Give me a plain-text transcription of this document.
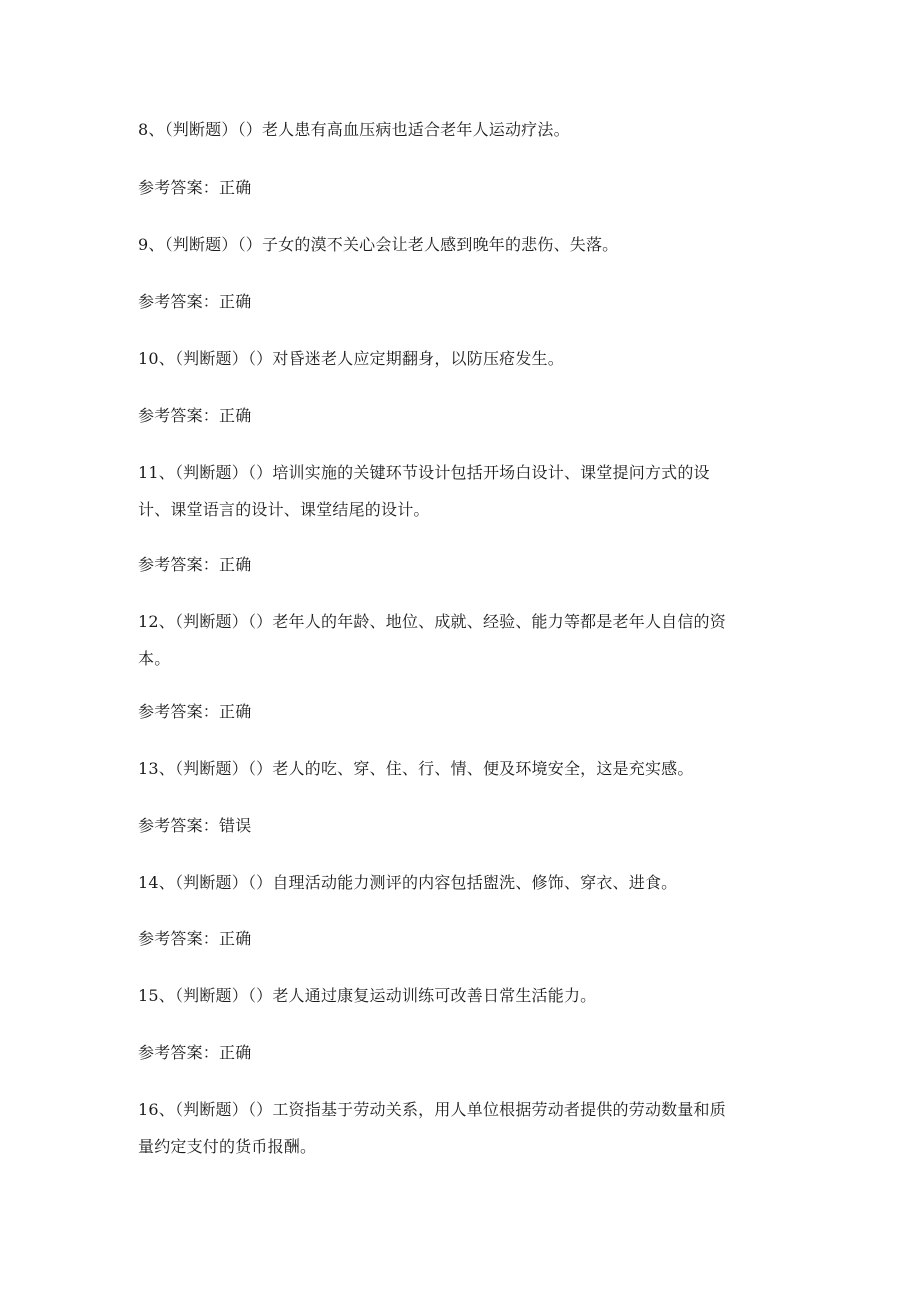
8、（判断题）（）老人患有高血压病也适合老年人运动疗法。
参考答案：正确
9、（判断题）（）子女的漠不关心会让老人感到晚年的悲伤、失落。
参考答案：正确
10、（判断题）（）对昏迷老人应定期翻身，以防压疮发生。
参考答案：正确
11、（判断题）（）培训实施的关键环节设计包括开场白设计、课堂提问方式的设
计、课堂语言的设计、课堂结尾的设计。
参考答案：正确
12、（判断题）（）老年人的年龄、地位、成就、经验、能力等都是老年人自信的资
本。
参考答案：正确
13、（判断题）（）老人的吃、穿、住、行、情、便及环境安全，这是充实感。
参考答案：错误
14、（判断题）（）自理活动能力测评的内容包括盥洗、修饰、穿衣、进食。
参考答案：正确
15、（判断题）（）老人通过康复运动训练可改善日常生活能力。
参考答案：正确
16、（判断题）（）工资指基于劳动关系，用人单位根据劳动者提供的劳动数量和质
量约定支付的货币报酬。
